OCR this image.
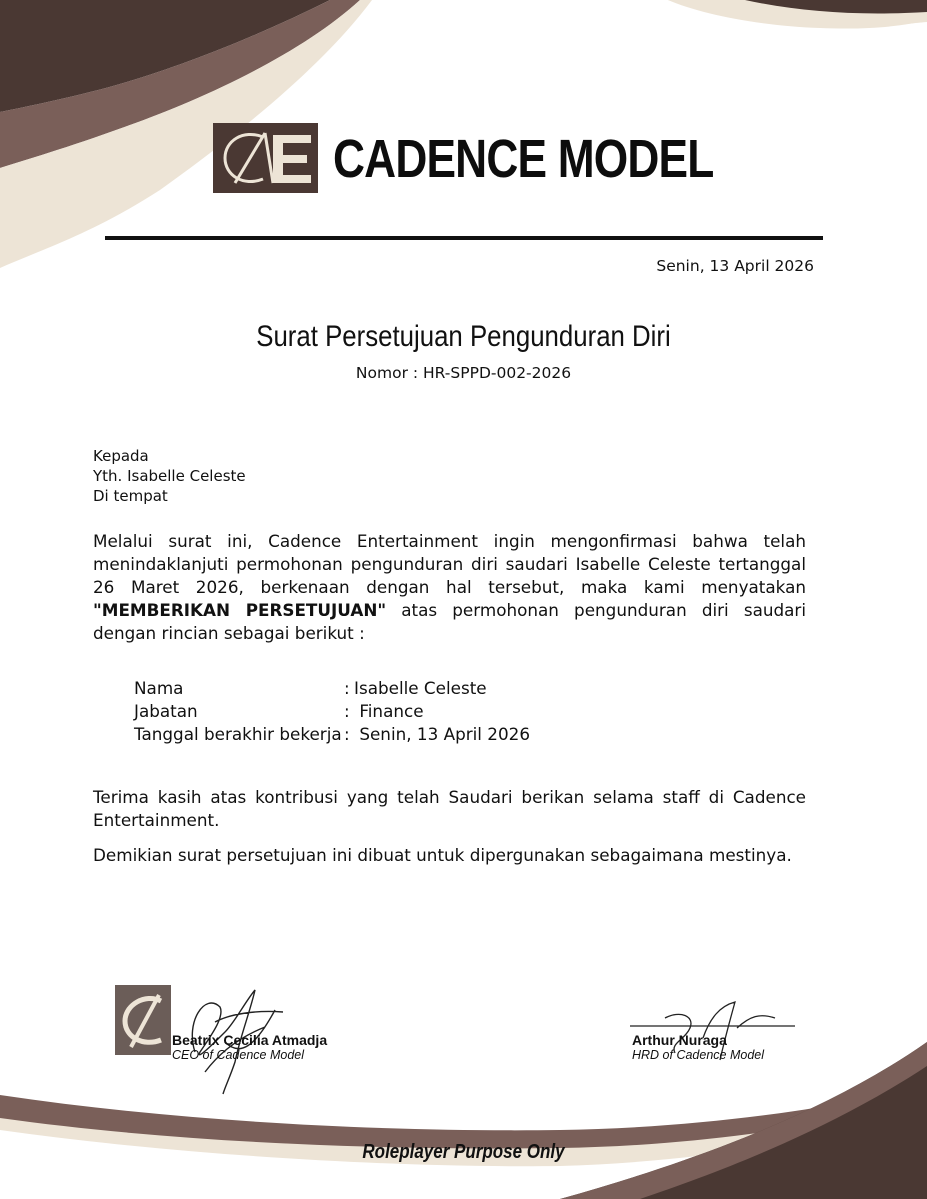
CADENCE MODEL
Senin, 13 April 2026
Surat Persetujuan Pengunduran Diri
Nomor : HR-SPPD-002-2026
Kepada
Yth. Isabelle Celeste
Di tempat

Melalui surat ini, Cadence Entertainment ingin mengonfirmasi bahwa telah menindaklanjuti permohonan pengunduran diri saudari Isabelle Celeste tertanggal 26 Maret 2026, berkenaan dengan hal tersebut, maka kami menyatakan "MEMBERIKAN PERSETUJUAN" atas permohonan pengunduran diri saudari dengan rincian sebagai berikut :

Nama	: Isabelle Celeste
Jabatan	: Finance
Tanggal berakhir bekerja : Senin, 13 April 2026

Terima kasih atas kontribusi yang telah Saudari berikan selama staff di Cadence Entertainment.

Demikian surat persetujuan ini dibuat untuk dipergunakan sebagaimana mestinya.

Beatrix Cecilia Atmadja
CEO of Cadence Model
Arthur Nuraga
HRD of Cadence Model
Roleplayer Purpose Only
